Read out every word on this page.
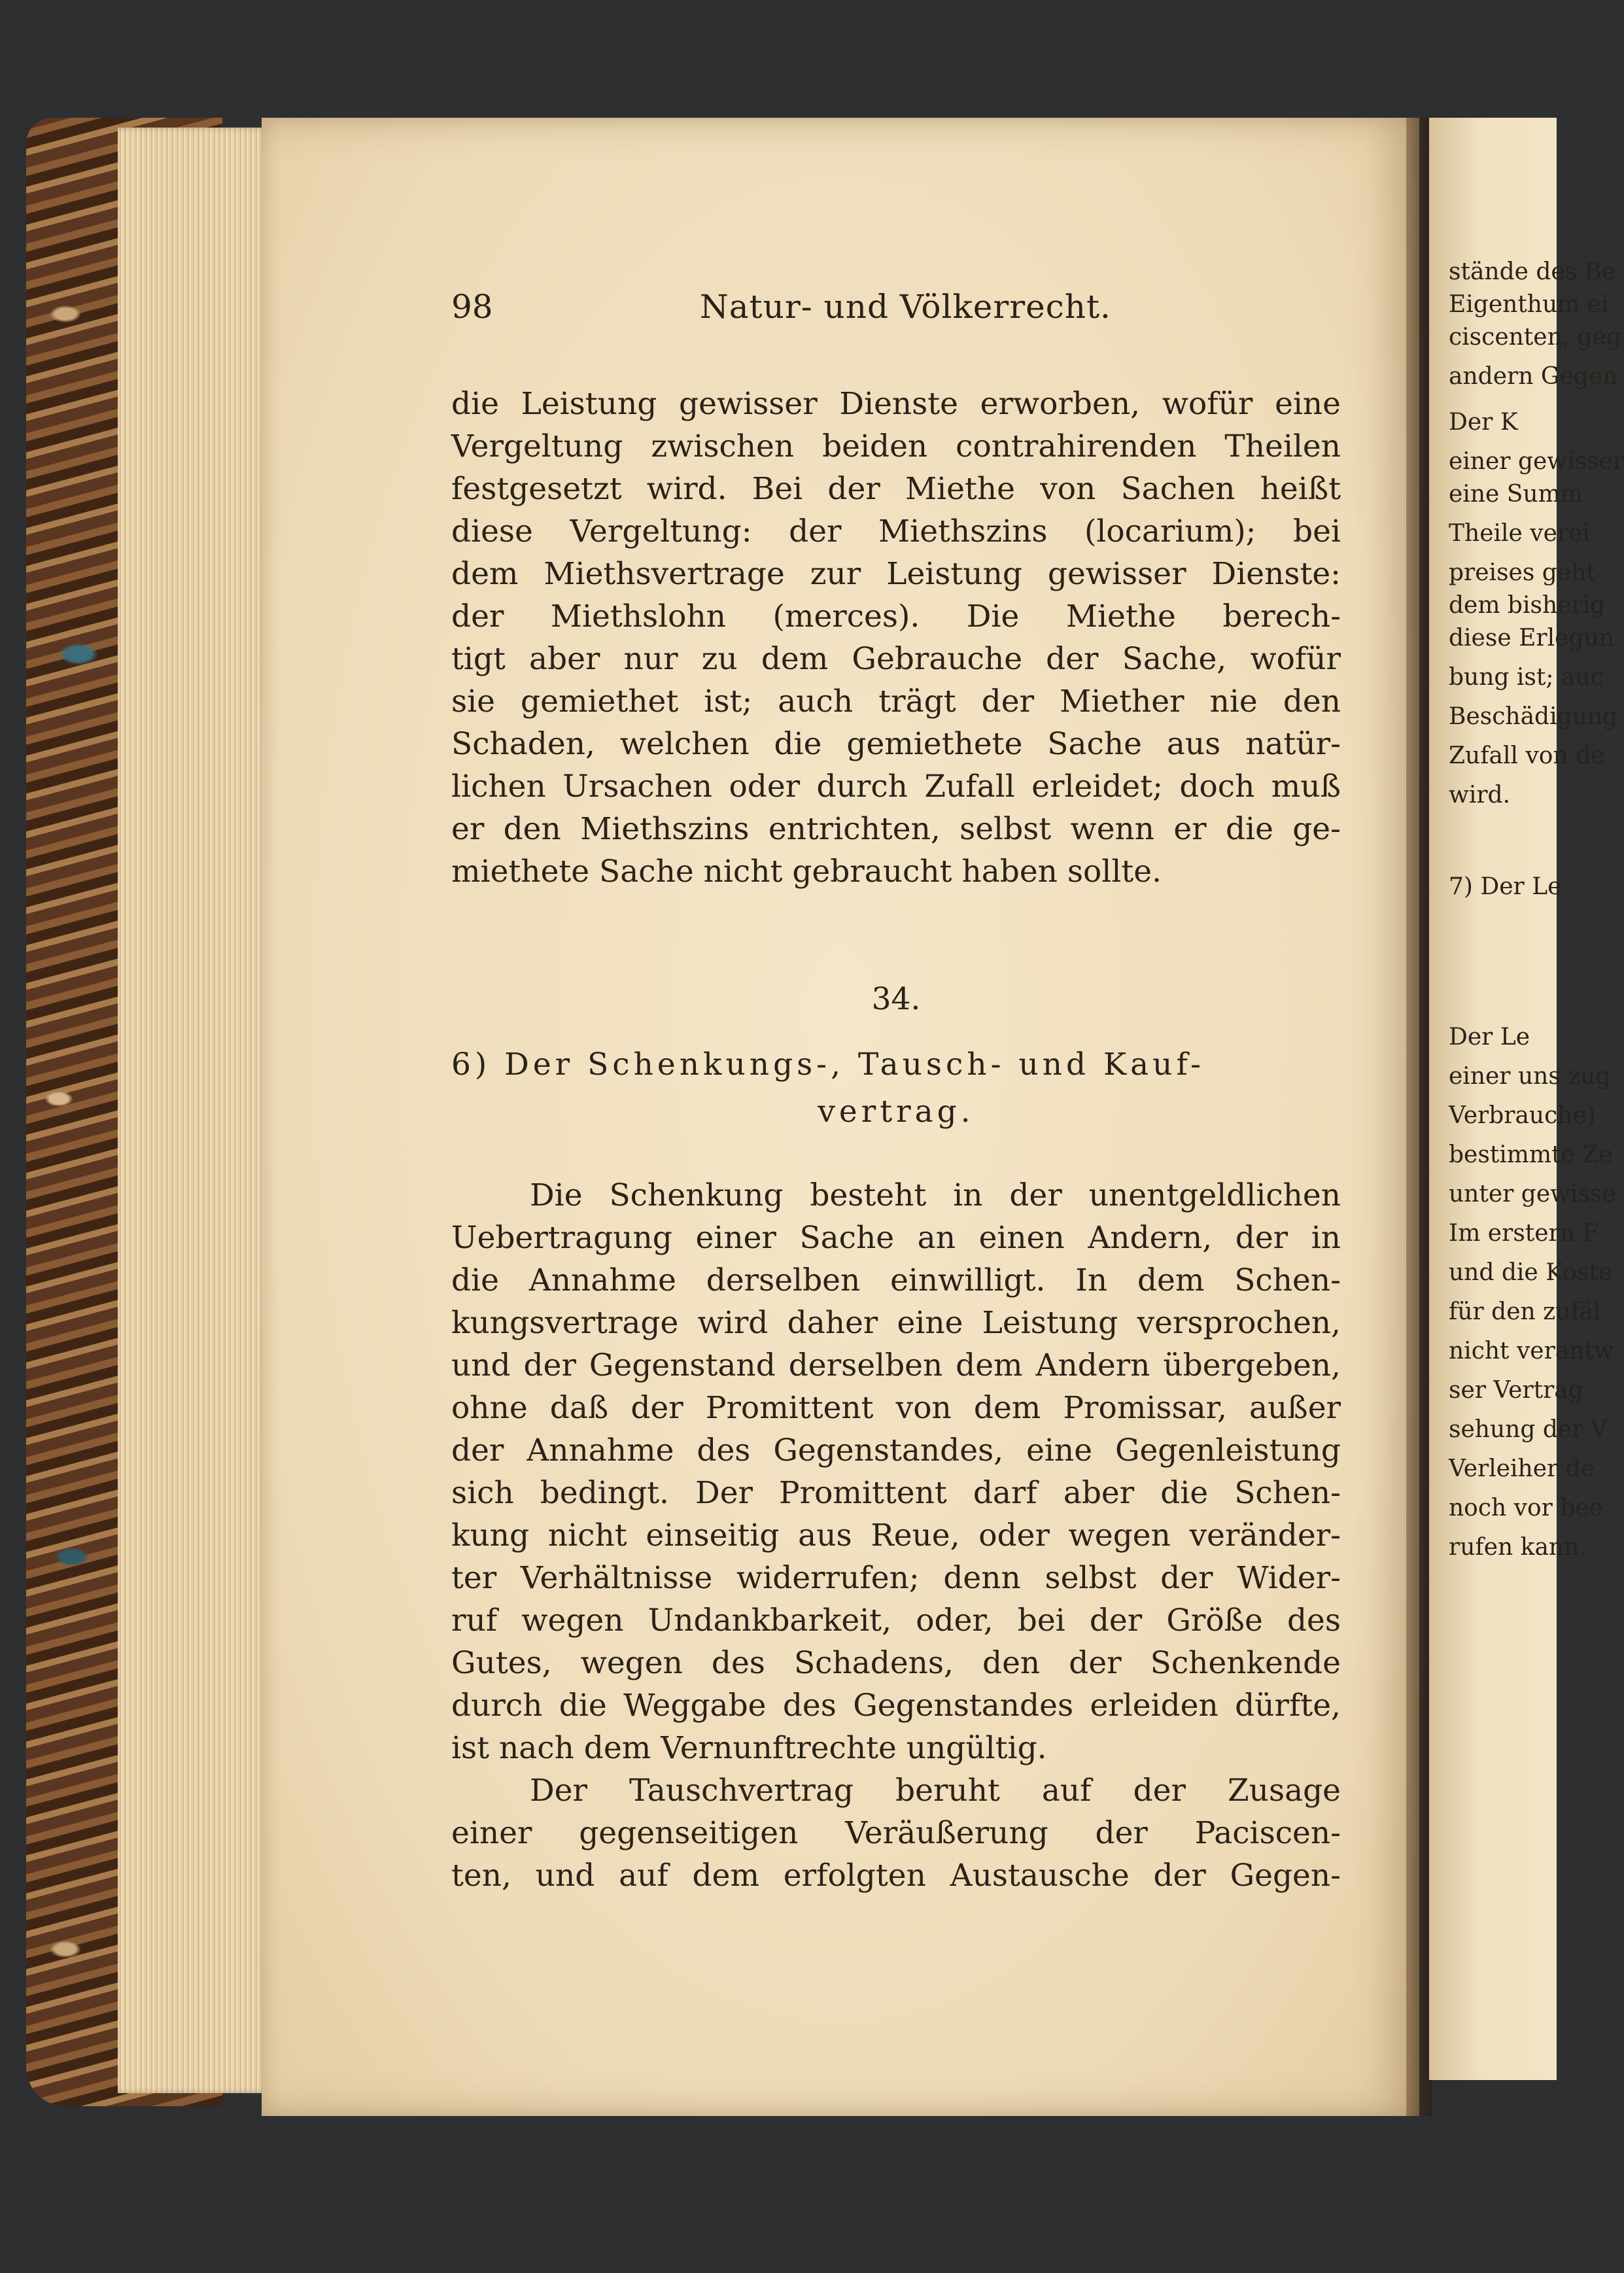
stände des Be
Eigenthum ei
ciscenten, geg
andern Gegen
Der K
einer gewisser
eine Summ
Theile verei
preises geht
dem bisherig
diese Erlegun
bung ist; auc
Beschädigung
Zufall von de
wird.
7) Der Le
Der Le
einer uns zug
Verbrauche)
bestimmte Ze
unter gewisse
Im erstern F
und die Koste
für den zufäl
nicht verantw
ser Vertrag
sehung der V
Verleiher de
noch vor bee
rufen kann.
98	Natur- und Völkerrecht.
die Leistung gewisser Dienste erworben, wofür eine
Vergeltung zwischen beiden contrahirenden Theilen
festgesetzt wird. Bei der Miethe von Sachen heißt
diese Vergeltung: der Miethszins (locarium); bei
dem Miethsvertrage zur Leistung gewisser Dienste:
der Miethslohn (merces). Die Miethe berech-
tigt aber nur zu dem Gebrauche der Sache, wofür
sie gemiethet ist; auch trägt der Miether nie den
Schaden, welchen die gemiethete Sache aus natür-
lichen Ursachen oder durch Zufall erleidet; doch muß
er den Miethszins entrichten, selbst wenn er die ge-
miethete Sache nicht gebraucht haben sollte.
34.
6) Der Schenkungs-, Tausch- und Kauf-
vertrag.
Die Schenkung besteht in der unentgeldlichen
Uebertragung einer Sache an einen Andern, der in
die Annahme derselben einwilligt. In dem Schen-
kungsvertrage wird daher eine Leistung versprochen,
und der Gegenstand derselben dem Andern übergeben,
ohne daß der Promittent von dem Promissar, außer
der Annahme des Gegenstandes, eine Gegenleistung
sich bedingt. Der Promittent darf aber die Schen-
kung nicht einseitig aus Reue, oder wegen veränder-
ter Verhältnisse widerrufen; denn selbst der Wider-
ruf wegen Undankbarkeit, oder, bei der Größe des
Gutes, wegen des Schadens, den der Schenkende
durch die Weggabe des Gegenstandes erleiden dürfte,
ist nach dem Vernunftrechte ungültig.
Der Tauschvertrag beruht auf der Zusage
einer gegenseitigen Veräußerung der Paciscen-
ten, und auf dem erfolgten Austausche der Gegen-
